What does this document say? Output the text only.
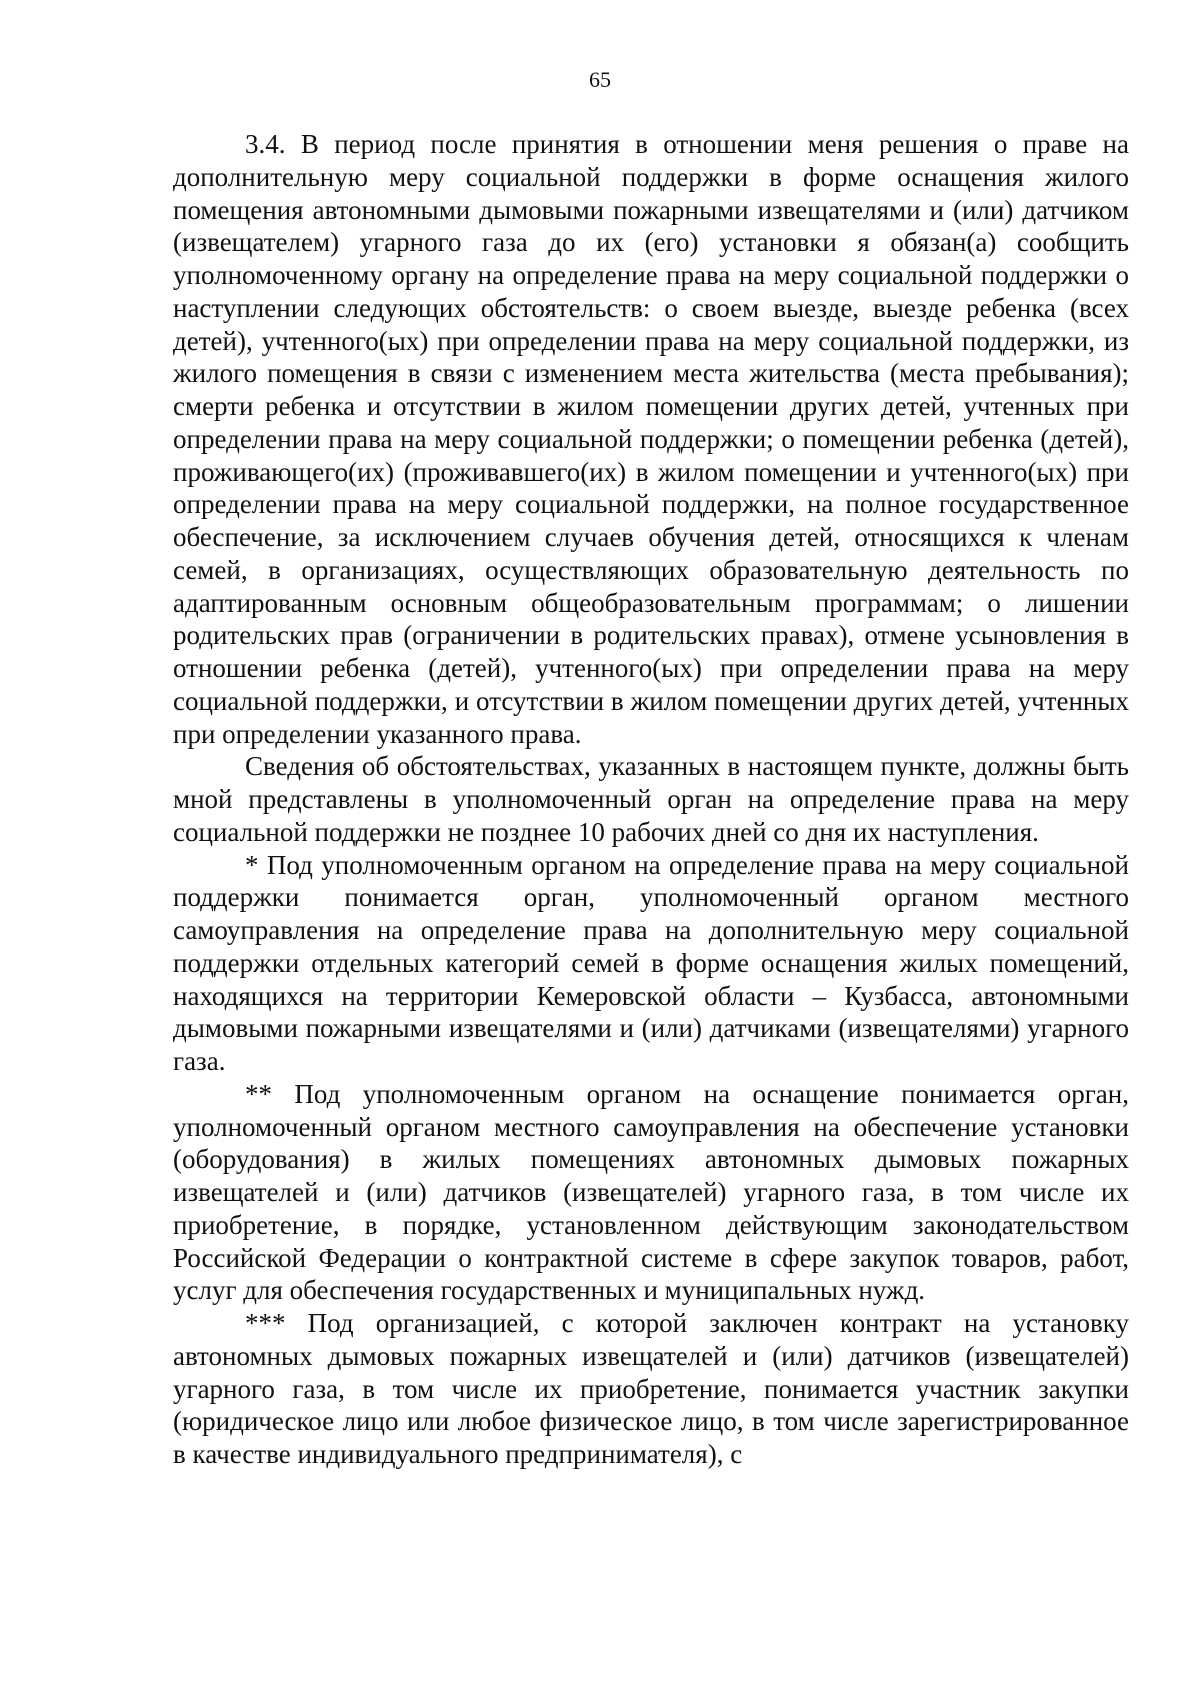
65

3.4. В период после принятия в отношении меня решения о праве на дополнительную меру социальной поддержки в форме оснащения жилого помещения автономными дымовыми пожарными извещателями и (или) датчиком (извещателем) угарного газа до их (его) установки я обязан(а) сообщить уполномоченному органу на определение права на меру социальной поддержки о наступлении следующих обстоятельств: о своем выезде, выезде ребенка (всех детей), учтенного(ых) при определении права на меру социальной поддержки, из жилого помещения в связи с изменением места жительства (места пребывания); смерти ребенка и отсутствии в жилом помещении других детей, учтенных при определении права на меру социальной поддержки; о помещении ребенка (детей), проживающего(их) (проживавшего(их) в жилом помещении и учтенного(ых) при определении права на меру социальной поддержки, на полное государственное обеспечение, за исключением случаев обучения детей, относящихся к членам семей, в организациях, осуществляющих образовательную деятельность по адаптированным основным общеобразовательным программам; о лишении родительских прав (ограничении в родительских правах), отмене усыновления в отношении ребенка (детей), учтенного(ых) при определении права на меру социальной поддержки, и отсутствии в жилом помещении других детей, учтенных при определении указанного права.

Сведения об обстоятельствах, указанных в настоящем пункте, должны быть мной представлены в уполномоченный орган на определение права на меру социальной поддержки не позднее 10 рабочих дней со дня их наступления.

* Под уполномоченным органом на определение права на меру социальной поддержки понимается орган, уполномоченный органом местного самоуправления на определение права на дополнительную меру социальной поддержки отдельных категорий семей в форме оснащения жилых помещений, находящихся на территории Кемеровской области – Кузбасса, автономными дымовыми пожарными извещателями и (или) датчиками (извещателями) угарного газа.

** Под уполномоченным органом на оснащение понимается орган, уполномоченный органом местного самоуправления на обеспечение установки (оборудования) в жилых помещениях автономных дымовых пожарных извещателей и (или) датчиков (извещателей) угарного газа, в том числе их приобретение, в порядке, установленном действующим законодательством Российской Федерации о контрактной системе в сфере закупок товаров, работ, услуг для обеспечения государственных и муниципальных нужд.

*** Под организацией, с которой заключен контракт на установку автономных дымовых пожарных извещателей и (или) датчиков (извещателей) угарного газа, в том числе их приобретение, понимается участник закупки (юридическое лицо или любое физическое лицо, в том числе зарегистрированное в качестве индивидуального предпринимателя), с
